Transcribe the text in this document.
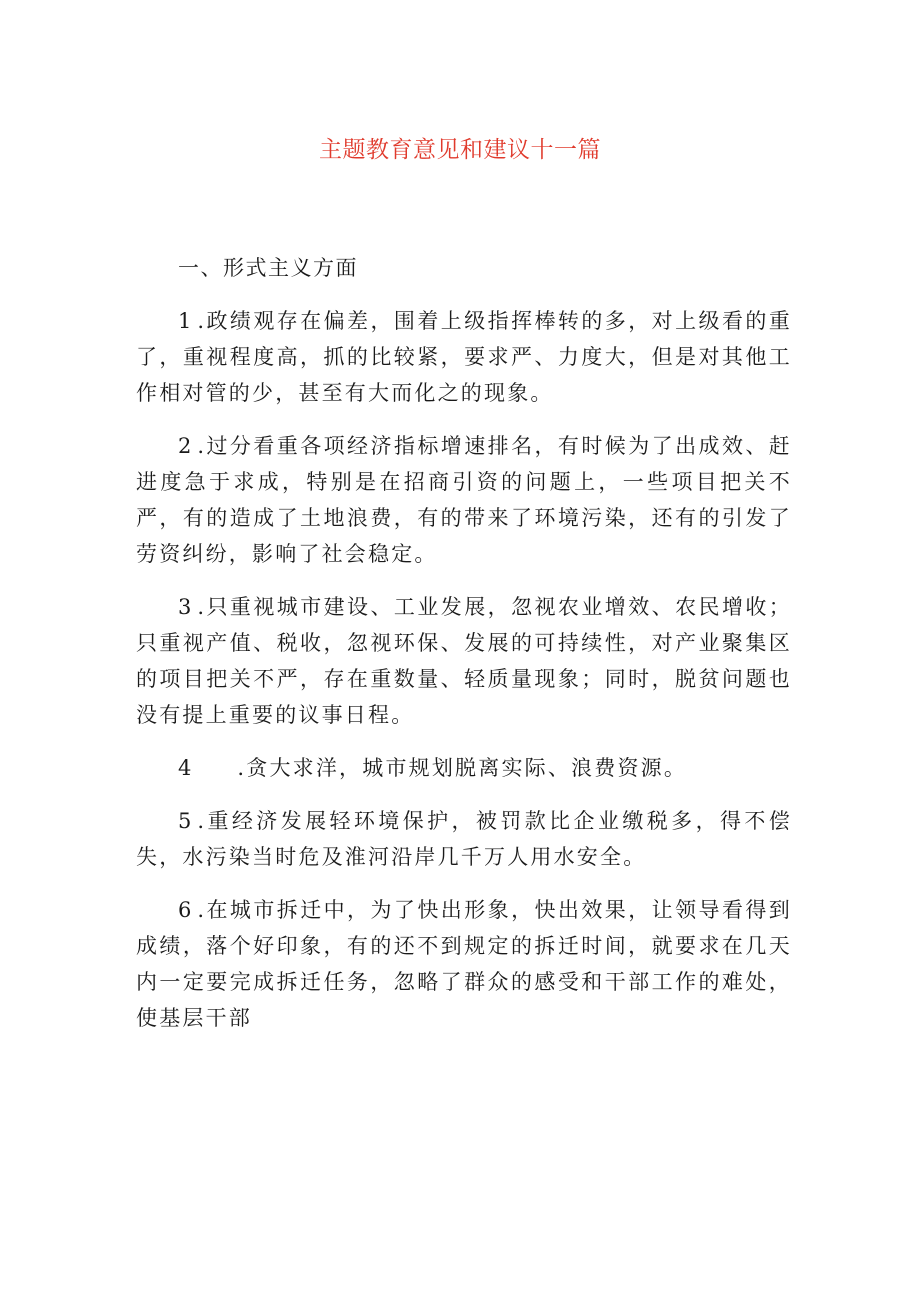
主题教育意见和建议十一篇

一、形式主义方面

1 .政绩观存在偏差，围着上级指挥棒转的多，对上级看的重了，重视程度高，抓的比较紧，要求严、力度大，但是对其他工作相对管的少，甚至有大而化之的现象。

2 .过分看重各项经济指标增速排名，有时候为了出成效、赶进度急于求成，特别是在招商引资的问题上，一些项目把关不严，有的造成了土地浪费，有的带来了环境污染，还有的引发了劳资纠纷，影响了社会稳定。

3 .只重视城市建设、工业发展，忽视农业增效、农民增收；只重视产值、税收，忽视环保、发展的可持续性，对产业聚集区的项目把关不严，存在重数量、轻质量现象；同时，脱贫问题也没有提上重要的议事日程。

4 .贪大求洋，城市规划脱离实际、浪费资源。

5 .重经济发展轻环境保护，被罚款比企业缴税多，得不偿失，水污染当时危及淮河沿岸几千万人用水安全。

6 .在城市拆迁中，为了快出形象，快出效果，让领导看得到成绩，落个好印象，有的还不到规定的拆迁时间，就要求在几天内一定要完成拆迁任务，忽略了群众的感受和干部工作的难处，使基层干部
